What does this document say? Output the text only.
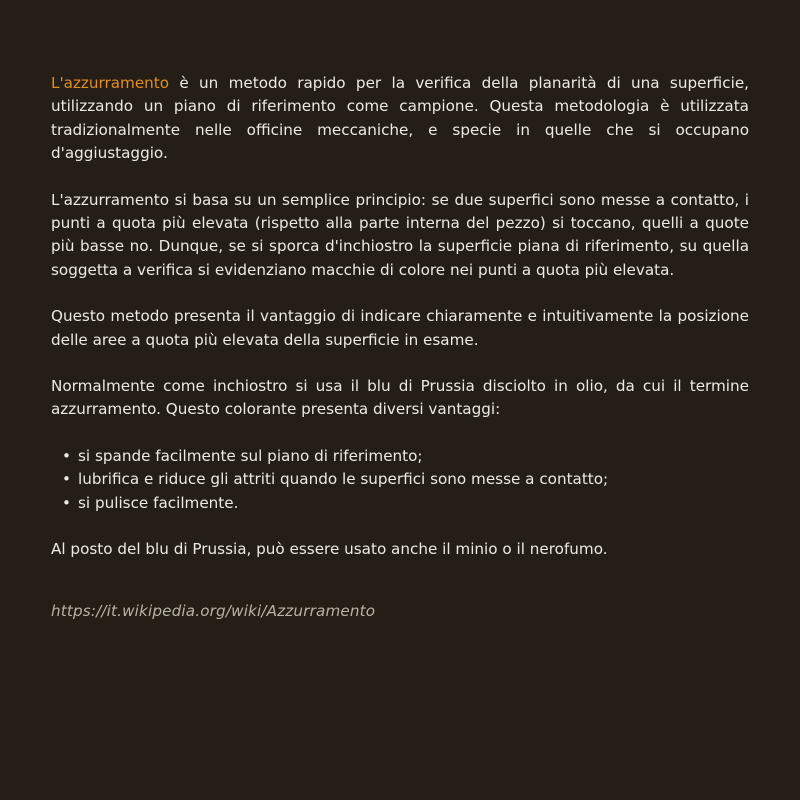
L'azzurramento è un metodo rapido per la verifica della planarità di una superficie, utilizzando un piano di riferimento come campione. Questa metodologia è utilizzata tradizionalmente nelle officine meccaniche, e specie in quelle che si occupano d'aggiustaggio.

L'azzurramento si basa su un semplice principio: se due superfici sono messe a contatto, i punti a quota più elevata (rispetto alla parte interna del pezzo) si toccano, quelli a quote più basse no. Dunque, se si sporca d'inchiostro la superficie piana di riferimento, su quella soggetta a verifica si evidenziano macchie di colore nei punti a quota più elevata.

Questo metodo presenta il vantaggio di indicare chiaramente e intuitivamente la posizione delle aree a quota più elevata della superficie in esame.

Normalmente come inchiostro si usa il blu di Prussia disciolto in olio, da cui il termine azzurramento. Questo colorante presenta diversi vantaggi:

• si spande facilmente sul piano di riferimento;
• lubrifica e riduce gli attriti quando le superfici sono messe a contatto;
• si pulisce facilmente.

Al posto del blu di Prussia, può essere usato anche il minio o il nerofumo.

https://it.wikipedia.org/wiki/Azzurramento
